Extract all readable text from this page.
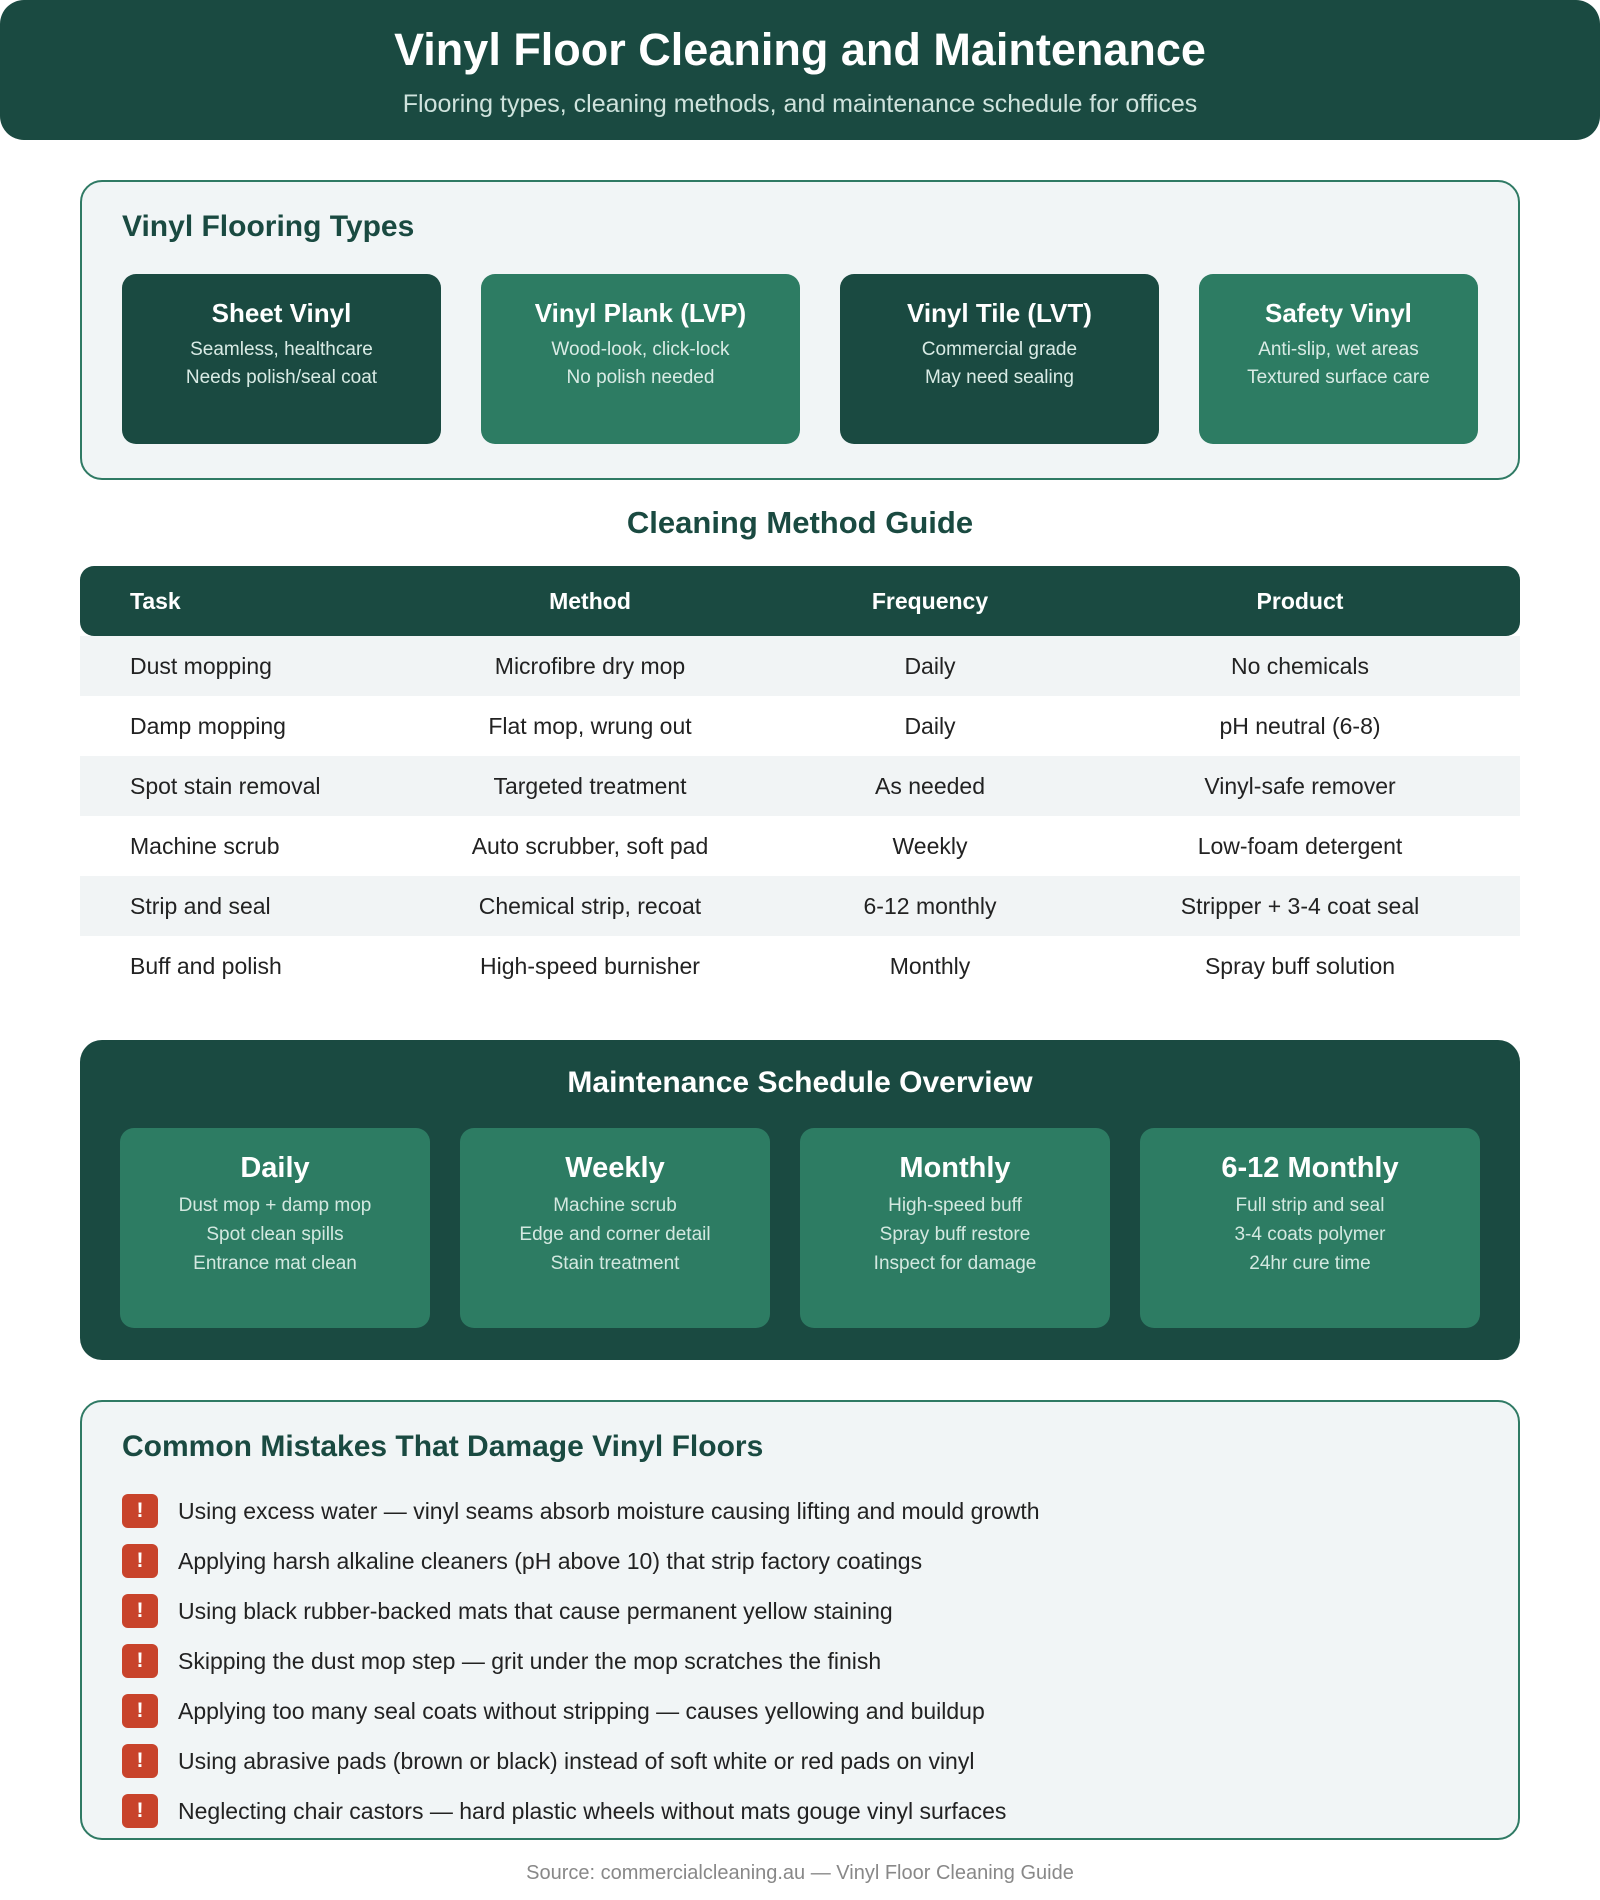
Vinyl Floor Cleaning and Maintenance
Flooring types, cleaning methods, and maintenance schedule for offices
Vinyl Flooring Types
Sheet Vinyl
Seamless, healthcare
Needs polish/seal coat
Vinyl Plank (LVP)
Wood-look, click-lock
No polish needed
Vinyl Tile (LVT)
Commercial grade
May need sealing
Safety Vinyl
Anti-slip, wet areas
Textured surface care
Cleaning Method Guide
Task	Method	Frequency	Product
Dust mopping	Microfibre dry mop	Daily	No chemicals
Damp mopping	Flat mop, wrung out	Daily	pH neutral (6-8)
Spot stain removal	Targeted treatment	As needed	Vinyl-safe remover
Machine scrub	Auto scrubber, soft pad	Weekly	Low-foam detergent
Strip and seal	Chemical strip, recoat	6-12 monthly	Stripper + 3-4 coat seal
Buff and polish	High-speed burnisher	Monthly	Spray buff solution
Maintenance Schedule Overview
Daily
Dust mop + damp mop
Spot clean spills
Entrance mat clean
Weekly
Machine scrub
Edge and corner detail
Stain treatment
Monthly
High-speed buff
Spray buff restore
Inspect for damage
6-12 Monthly
Full strip and seal
3-4 coats polymer
24hr cure time
Common Mistakes That Damage Vinyl Floors
!	Using excess water — vinyl seams absorb moisture causing lifting and mould growth
!	Applying harsh alkaline cleaners (pH above 10) that strip factory coatings
!	Using black rubber-backed mats that cause permanent yellow staining
!	Skipping the dust mop step — grit under the mop scratches the finish
!	Applying too many seal coats without stripping — causes yellowing and buildup
!	Using abrasive pads (brown or black) instead of soft white or red pads on vinyl
!	Neglecting chair castors — hard plastic wheels without mats gouge vinyl surfaces
Source: commercialcleaning.au — Vinyl Floor Cleaning Guide
